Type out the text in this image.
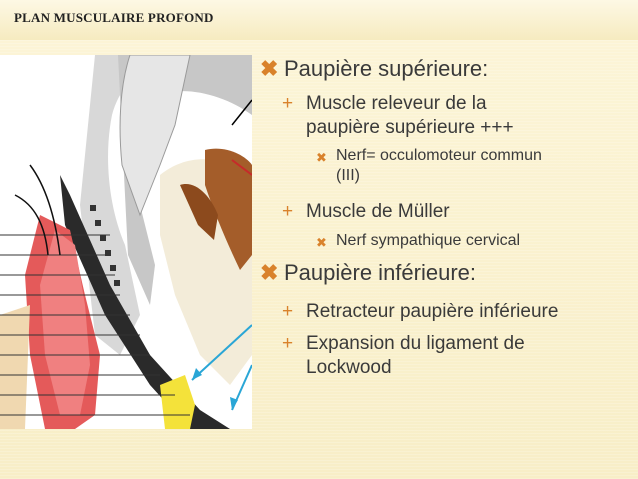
PLAN MUSCULAIRE PROFOND
✖ Paupière supérieure:
+ Muscle releveur de la
paupière supérieure +++
✖ Nerf= occulomoteur commun
(III)
+ Muscle de Müller
✖ Nerf sympathique cervical
✖ Paupière inférieure:
+ Retracteur paupière inférieure
+ Expansion du ligament de
Lockwood
